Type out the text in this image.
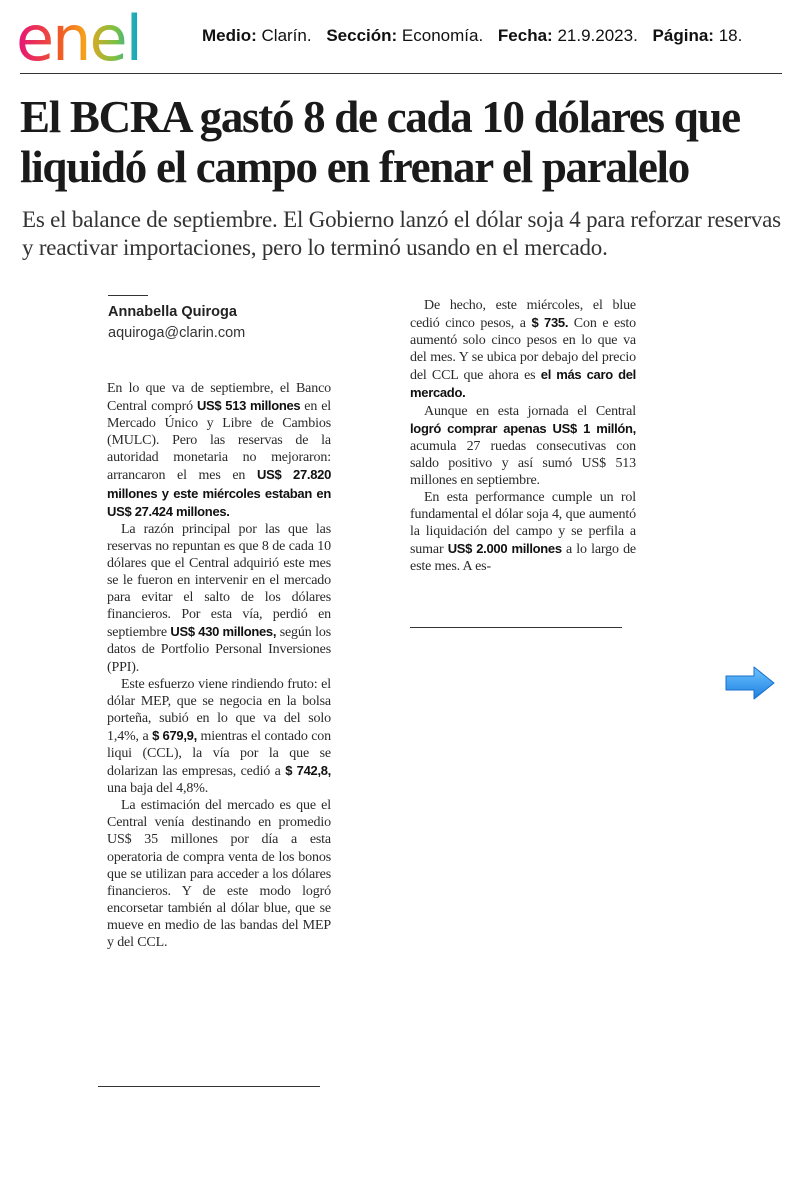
enel	Medio: Clarín. Sección: Economía. Fecha: 21.9.2023. Página: 18.
El BCRA gastó 8 de cada 10 dólares que liquidó el campo en frenar el paralelo

Es el balance de septiembre. El Gobierno lanzó el dólar soja 4 para reforzar reservas y reactivar importaciones, pero lo terminó usando en el mercado.

Annabella Quiroga
aquiroga@clarin.com

En lo que va de septiembre, el Banco Central compró US$ 513 millones en el Mercado Único y Libre de Cambios (MULC). Pero las reservas de la autoridad monetaria no mejoraron: arrancaron el mes en US$ 27.820 millones y este miércoles estaban en US$ 27.424 millones.

La razón principal por las que las reservas no repuntan es que 8 de cada 10 dólares que el Central adquirió este mes se le fueron en intervenir en el mercado para evitar el salto de los dólares financieros. Por esta vía, perdió en septiembre US$ 430 millones, según los datos de Portfolio Personal Inversiones (PPI).

Este esfuerzo viene rindiendo fruto: el dólar MEP, que se negocia en la bolsa porteña, subió en lo que va del solo 1,4%, a $ 679,9, mientras el contado con liqui (CCL), la vía por la que se dolarizan las empresas, cedió a $ 742,8, una baja del 4,8%.

La estimación del mercado es que el Central venía destinando en promedio US$ 35 millones por día a esta operatoria de compra venta de los bonos que se utilizan para acceder a los dólares financieros. Y de este modo logró encorsetar también al dólar blue, que se mueve en medio de las bandas del MEP y del CCL.

De hecho, este miércoles, el blue cedió cinco pesos, a $ 735. Con e esto aumentó solo cinco pesos en lo que va del mes. Y se ubica por debajo del precio del CCL que ahora es el más caro del mercado.

Aunque en esta jornada el Central logró comprar apenas US$ 1 millón, acumula 27 ruedas consecutivas con saldo positivo y así sumó US$ 513 millones en septiembre.

En esta performance cumple un rol fundamental el dólar soja 4, que aumentó la liquidación del campo y se perfila a sumar US$ 2.000 millones a lo largo de este mes. A es-
